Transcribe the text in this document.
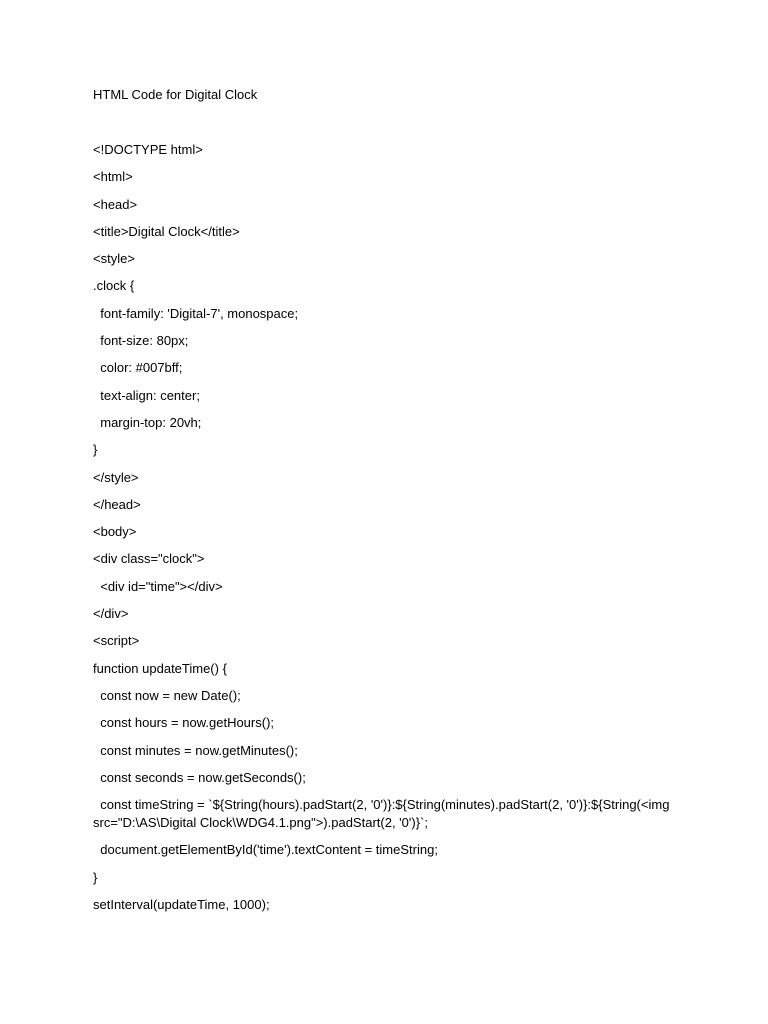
HTML Code for Digital Clock
<!DOCTYPE html>
<html>
<head>
<title>Digital Clock</title>
<style>
.clock {
font-family: 'Digital-7', monospace;
font-size: 80px;
color: #007bff;
text-align: center;
margin-top: 20vh;
}
</style>
</head>
<body>
<div class="clock">
<div id="time"></div>
</div>
<script>
function updateTime() {
const now = new Date();
const hours = now.getHours();
const minutes = now.getMinutes();
const seconds = now.getSeconds();
const timeString = `${String(hours).padStart(2, '0')}:${String(minutes).padStart(2, '0')}:${String(<img src="D:\AS\Digital Clock\WDG4.1.png">).padStart(2, '0')}`;
document.getElementById('time').textContent = timeString;
}
setInterval(updateTime, 1000);
